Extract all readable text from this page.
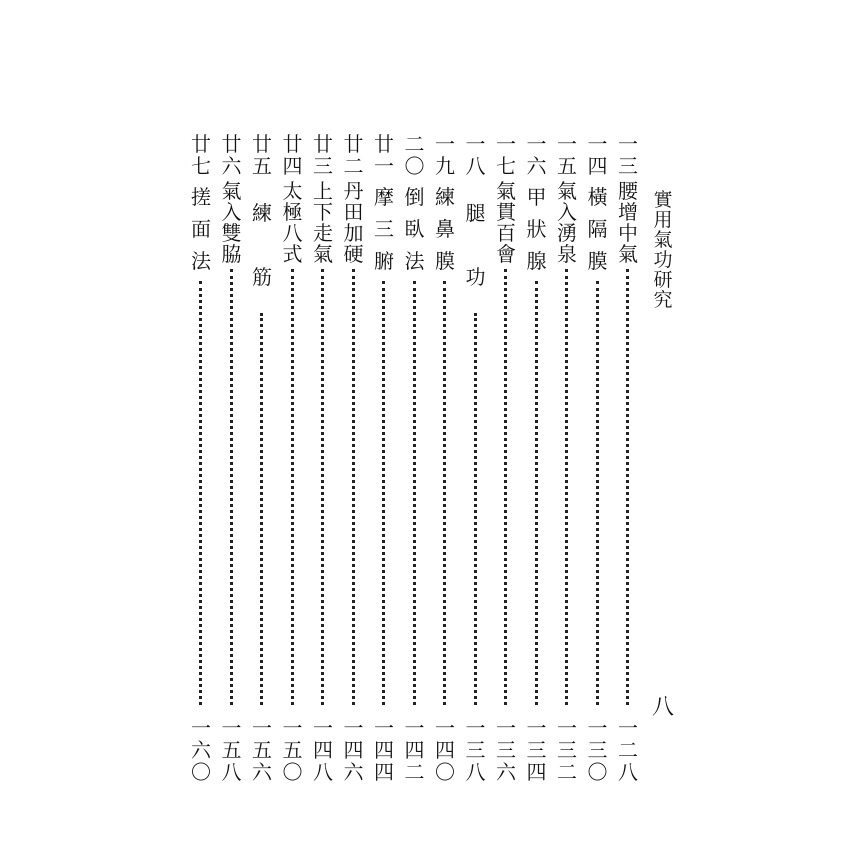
實
用
氣
功
研
究
八
一
三
腰
增
中
氣
一
二
八
一
四
橫
隔
膜
一
三
〇
一
五
氣
入
湧
泉
一
三
二
一
六
甲
狀
腺
一
三
四
一
七
氣
貫
百
會
一
三
六
一
八
腿
功
一
三
八
一
九
練
鼻
膜
一
四
〇
二
〇
倒
臥
法
一
四
二
廿
一
摩
三
腑
一
四
四
廿
二
丹
田
加
硬
一
四
六
廿
三
上
下
走
氣
一
四
八
廿
四
太
極
八
式
一
五
〇
廿
五
練
筋
一
五
六
廿
六
氣
入
雙
脇
一
五
八
廿
七
搓
面
法
一
六
〇
